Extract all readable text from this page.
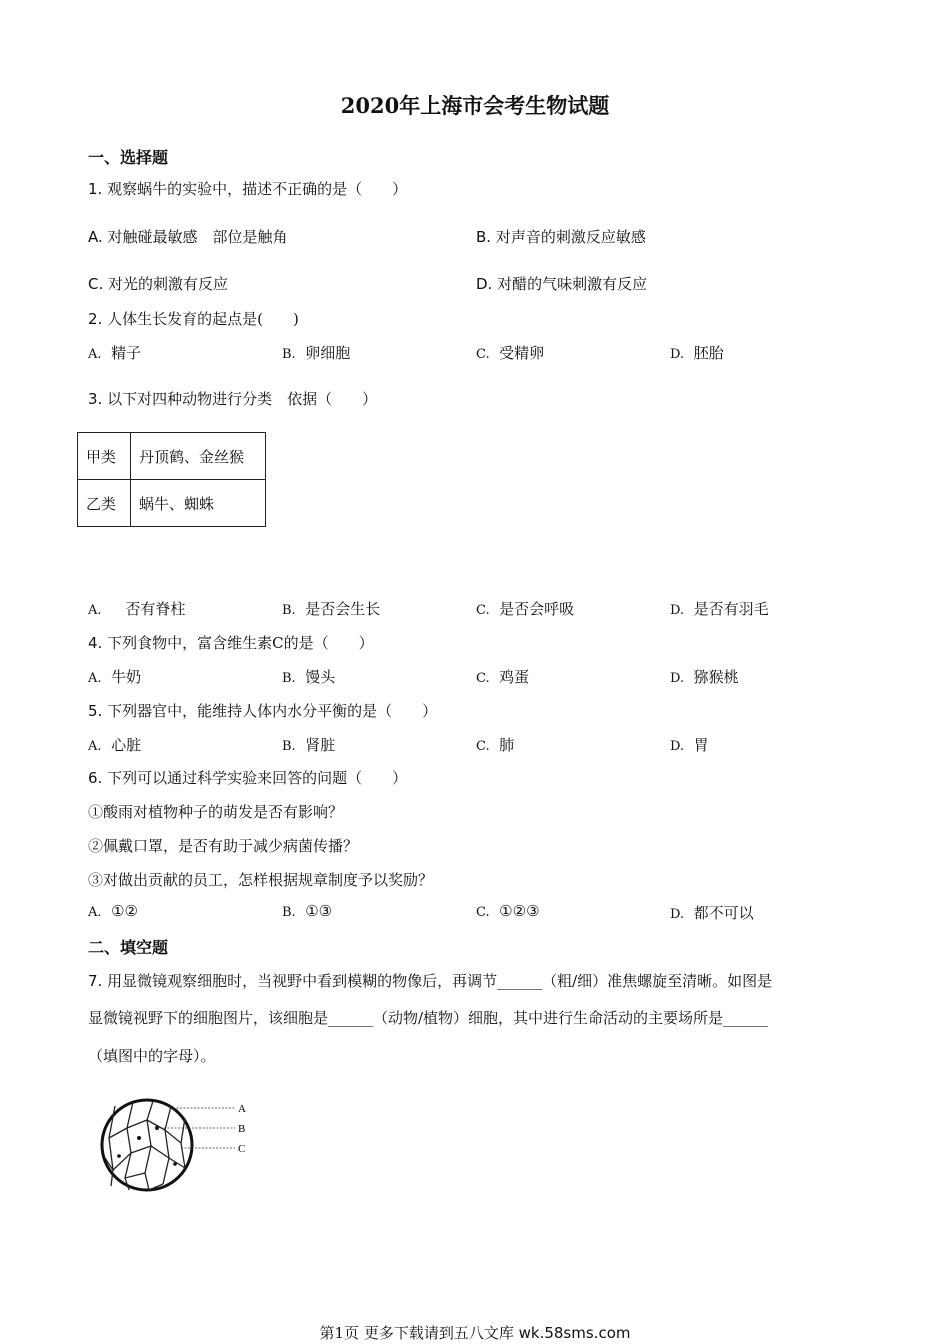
2020年上海市会考生物试题
一、选择题
1. 观察蜗牛的实验中，描述不正确的是（　　）
A. 对触碰最敏感　部位是触角	B. 对声音的刺激反应敏感
C. 对光的刺激有反应	D. 对醋的气味刺激有反应
2. 人体生长发育的起点是(　　)
A. 精子	B. 卵细胞	C. 受精卵	D. 胚胎
3. 以下对四种动物进行分类　依据（　　）
甲类	丹顶鹤、金丝猴
乙类	蜗牛、蜘蛛
A. 否有脊柱	B. 是否会生长	C. 是否会呼吸	D. 是否有羽毛
4. 下列食物中，富含维生素C的是（　　）
A. 牛奶	B. 馒头	C. 鸡蛋	D. 猕猴桃
5. 下列器官中，能维持人体内水分平衡的是（　　）
A. 心脏	B. 肾脏	C. 肺	D. 胃
6. 下列可以通过科学实验来回答的问题（　　）
①酸雨对植物种子的萌发是否有影响？
②佩戴口罩，是否有助于减少病菌传播？
③对做出贡献的员工，怎样根据规章制度予以奖励？
A. ①②	B. ①③	C. ①②③	D. 都不可以
二、填空题
7. 用显微镜观察细胞时，当视野中看到模糊的物像后，再调节______（粗/细）准焦螺旋至清晰。如图是
显微镜视野下的细胞图片，该细胞是______（动物/植物）细胞，其中进行生命活动的主要场所是______
（填图中的字母）。
A
B
C
第1页 更多下载请到五八文库 wk.58sms.com
